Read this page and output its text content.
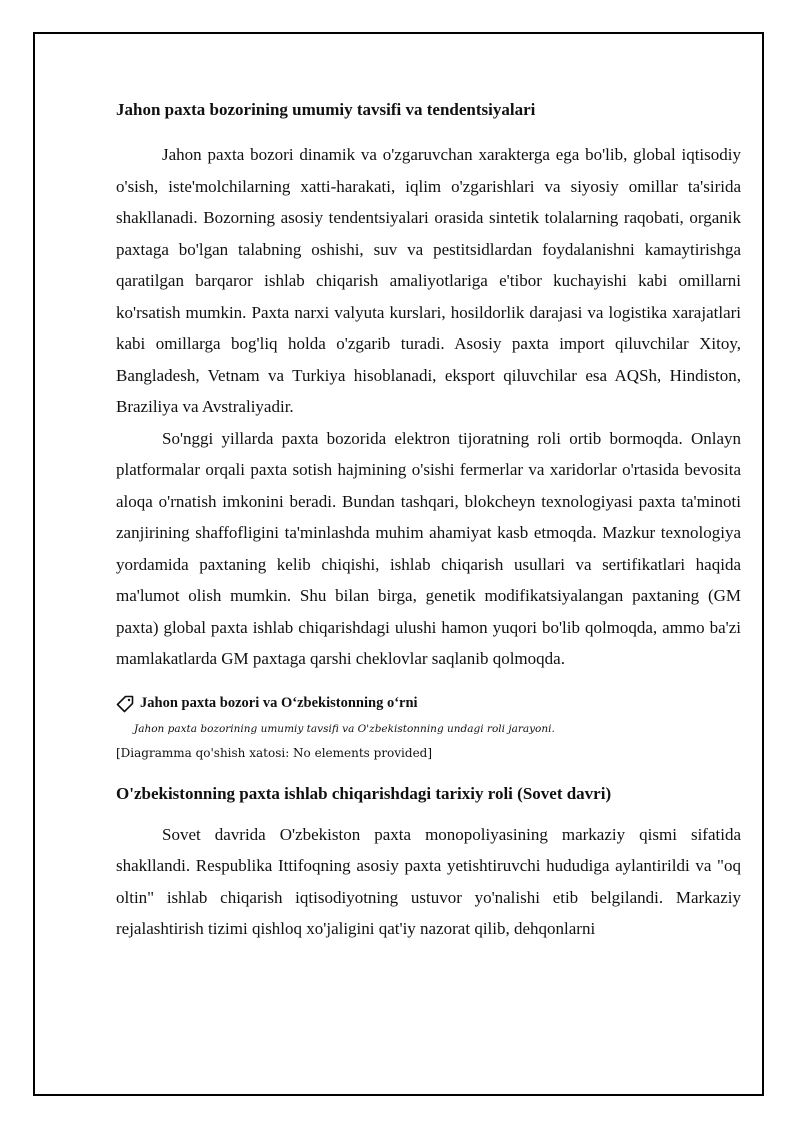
Jahon paxta bozorining umumiy tavsifi va tendentsiyalari

Jahon paxta bozori dinamik va o'zgaruvchan xarakterga ega bo'lib, global iqtisodiy o'sish, iste'molchilarning xatti-harakati, iqlim o'zgarishlari va siyosiy omillar ta'sirida shakllanadi. Bozorning asosiy tendentsiyalari orasida sintetik tolalarning raqobati, organik paxtaga bo'lgan talabning oshishi, suv va pestitsidlardan foydalanishni kamaytirishga qaratilgan barqaror ishlab chiqarish amaliyotlariga e'tibor kuchayishi kabi omillarni ko'rsatish mumkin. Paxta narxi valyuta kurslari, hosildorlik darajasi va logistika xarajatlari kabi omillarga bog'liq holda o'zgarib turadi. Asosiy paxta import qiluvchilar Xitoy, Bangladesh, Vetnam va Turkiya hisoblanadi, eksport qiluvchilar esa AQSh, Hindiston, Braziliya va Avstraliyadir.

So'nggi yillarda paxta bozorida elektron tijoratning roli ortib bormoqda. Onlayn platformalar orqali paxta sotish hajmining o'sishi fermerlar va xaridorlar o'rtasida bevosita aloqa o'rnatish imkonini beradi. Bundan tashqari, blokcheyn texnologiyasi paxta ta'minoti zanjirining shaffofligini ta'minlashda muhim ahamiyat kasb etmoqda. Mazkur texnologiya yordamida paxtaning kelib chiqishi, ishlab chiqarish usullari va sertifikatlari haqida ma'lumot olish mumkin. Shu bilan birga, genetik modifikatsiyalangan paxtaning (GM paxta) global paxta ishlab chiqarishdagi ulushi hamon yuqori bo'lib qolmoqda, ammo ba'zi mamlakatlarda GM paxtaga qarshi cheklovlar saqlanib qolmoqda.

Jahon paxta bozori va O‘zbekistonning o‘rni
Jahon paxta bozorining umumiy tavsifi va O'zbekistonning undagi roli jarayoni.
[Diagramma qo'shish xatosi: No elements provided]
O'zbekistonning paxta ishlab chiqarishdagi tarixiy roli (Sovet davri)

Sovet davrida O'zbekiston paxta monopoliyasining markaziy qismi sifatida shakllandi. Respublika Ittifoqning asosiy paxta yetishtiruvchi hududiga aylantirildi va "oq oltin" ishlab chiqarish iqtisodiyotning ustuvor yo'nalishi etib belgilandi. Markaziy rejalashtirish tizimi qishloq xo'jaligini qat'iy nazorat qilib, dehqonlarni
